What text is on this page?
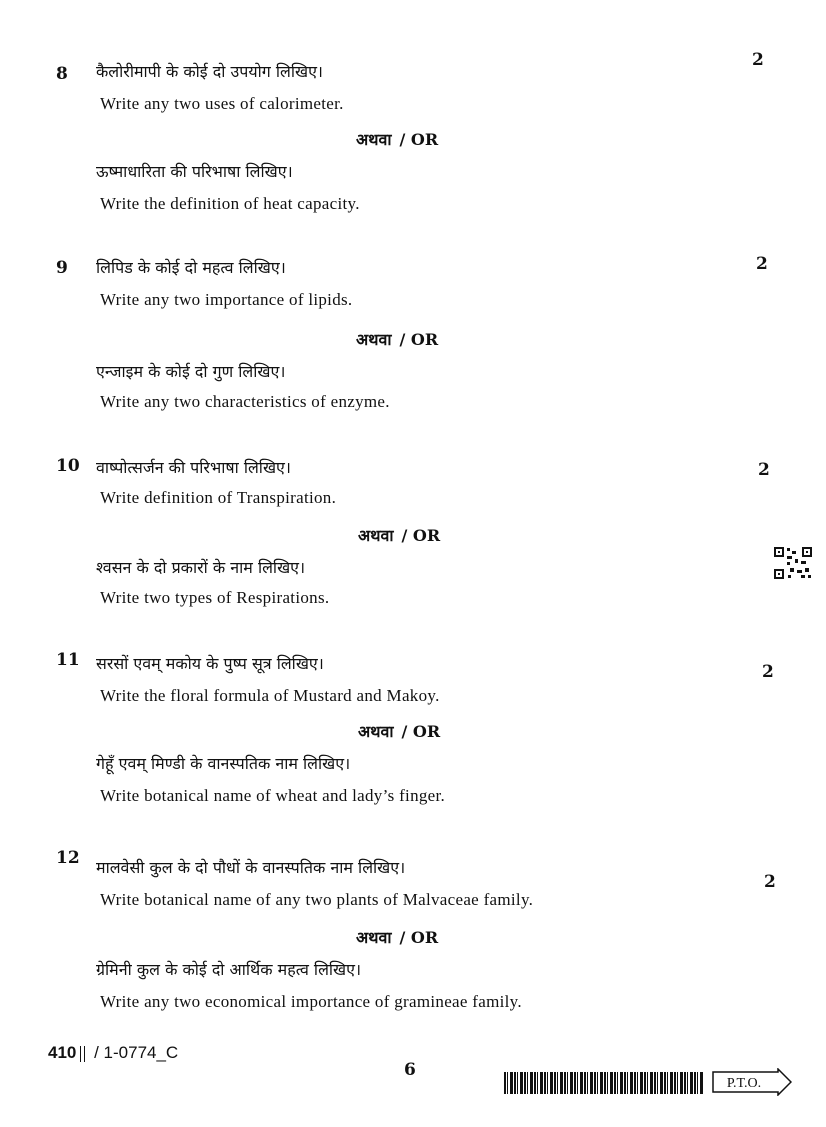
8
2
कैलोरीमापी के कोई दो उपयोग लिखिए।
Write any two uses of calorimeter.
अथवा / OR
ऊष्माधारिता की परिभाषा लिखिए।
Write the definition of heat capacity.
9	2
लिपिड के कोई दो महत्व लिखिए।
Write any two importance of lipids.
अथवा / OR
एन्जाइम के कोई दो गुण लिखिए।
Write any two characteristics of enzyme.
10	2
वाष्पोत्सर्जन की परिभाषा लिखिए।
Write definition of Transpiration.
अथवा / OR
श्वसन के दो प्रकारों के नाम लिखिए।
Write two types of Respirations.
11
2
सरसों एवम् मकोय के पुष्प सूत्र लिखिए।
Write the floral formula of Mustard and Makoy.
अथवा / OR
गेहूँ एवम् मिण्डी के वानस्पतिक नाम लिखिए।
Write botanical name of wheat and lady’s finger.
12
2
मालवेसी कुल के दो पौधों के वानस्पतिक नाम लिखिए।
Write botanical name of any two plants of Malvaceae family.
अथवा / OR
ग्रेमिनी कुल के कोई दो आर्थिक महत्व लिखिए।
Write any two economical importance of gramineae family.
410 / 1-0774_C
6
P.T.O.
